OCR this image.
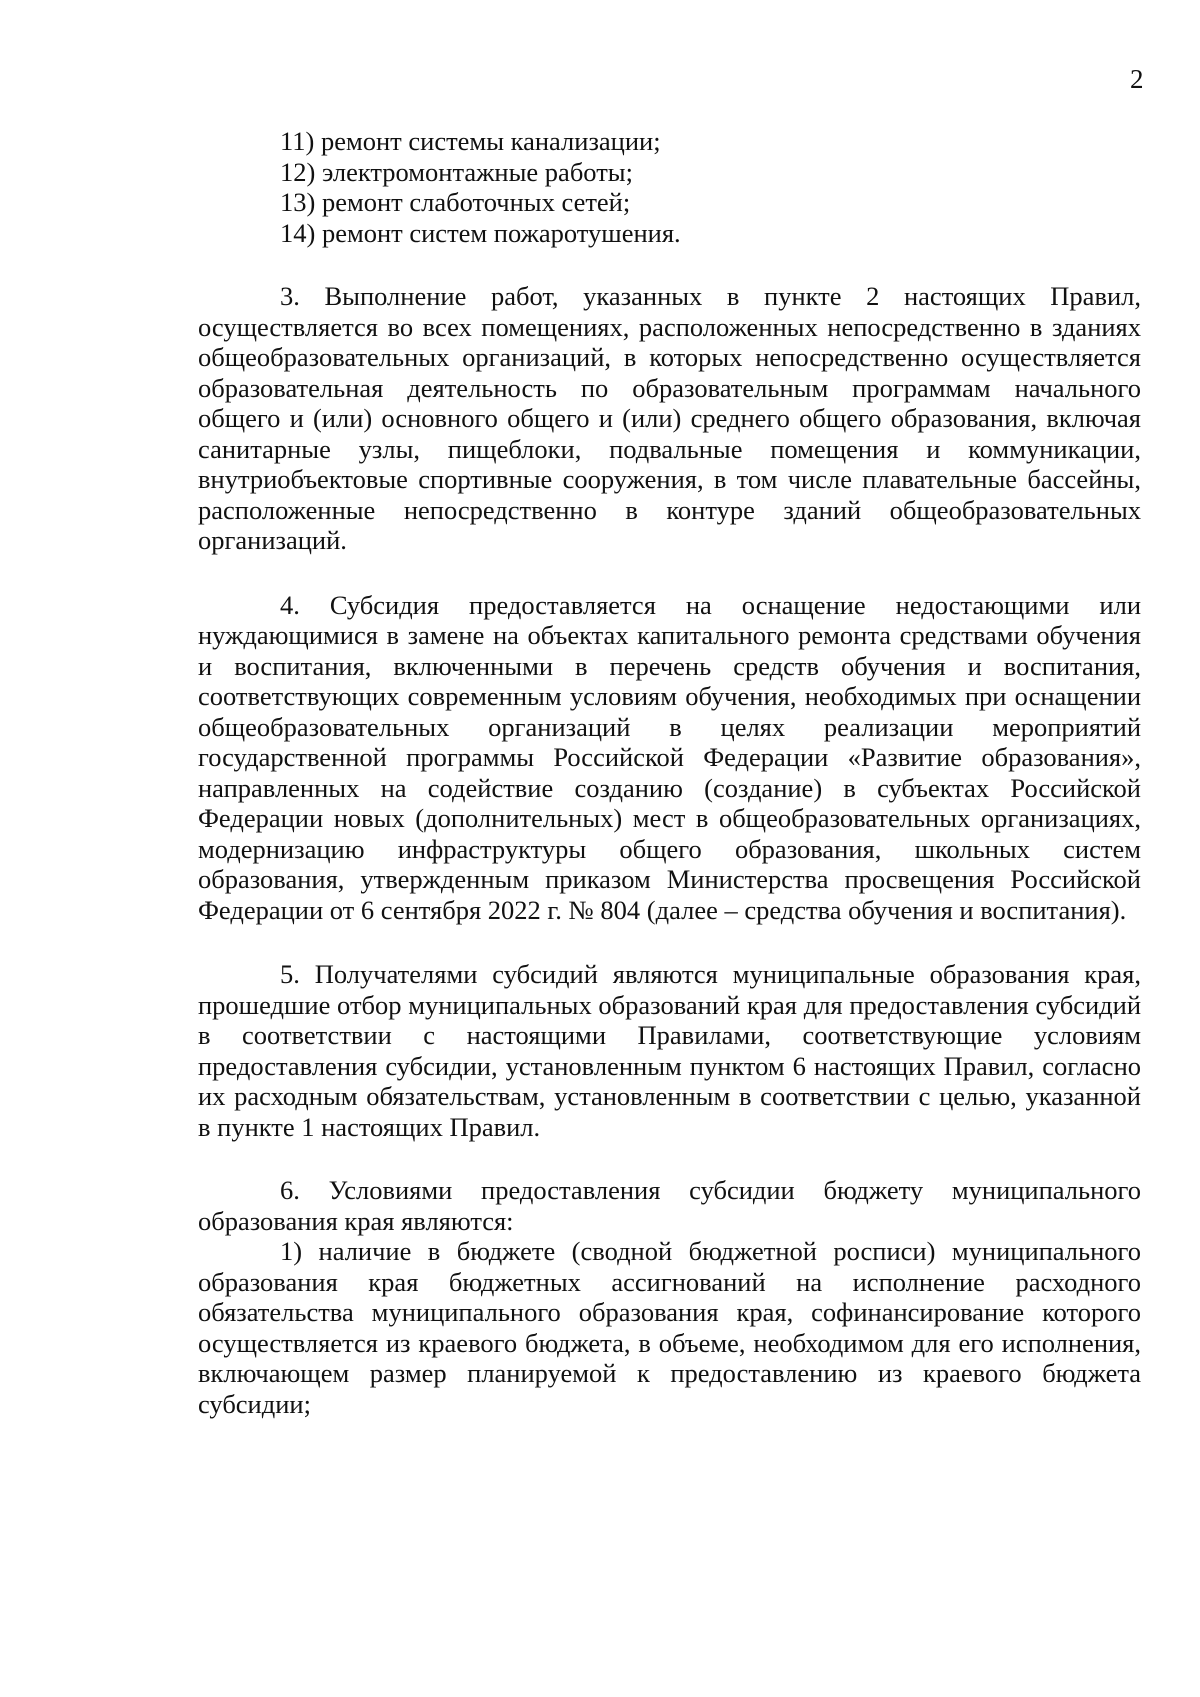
2
11) ремонт системы канализации;
12) электромонтажные работы;
13) ремонт слаботочных сетей;
14) ремонт систем пожаротушения.

3. Выполнение работ, указанных в пункте 2 настоящих Правил, осуществляется во всех помещениях, расположенных непосредственно в зданиях общеобразовательных организаций, в которых непосредственно осуществляется образовательная деятельность по образовательным программам начального общего и (или) основного общего и (или) среднего общего образования, включая санитарные узлы, пищеблоки, подвальные помещения и коммуникации, внутриобъектовые спортивные сооружения, в том числе плавательные бассейны, расположенные непосредственно в контуре зданий общеобразовательных организаций.

4. Субсидия предоставляется на оснащение недостающими или нуждающимися в замене на объектах капитального ремонта средствами обучения и воспитания, включенными в перечень средств обучения и воспитания, соответствующих современным условиям обучения, необходимых при оснащении общеобразовательных организаций в целях реализации мероприятий государственной программы Российской Федерации «Развитие образования», направленных на содействие созданию (создание) в субъектах Российской Федерации новых (дополнительных) мест в общеобразовательных организациях, модернизацию инфраструктуры общего образования, школьных систем образования, утвержденным приказом Министерства просвещения Российской Федерации от 6 сентября 2022 г. № 804 (далее – средства обучения и воспитания).

5. Получателями субсидий являются муниципальные образования края, прошедшие отбор муниципальных образований края для предоставления субсидий в соответствии с настоящими Правилами, соответствующие условиям предоставления субсидии, установленным пунктом 6 настоящих Правил, согласно их расходным обязательствам, установленным в соответствии с целью, указанной в пункте 1 настоящих Правил.

6. Условиями предоставления субсидии бюджету муниципального образования края являются:

1) наличие в бюджете (сводной бюджетной росписи) муниципального образования края бюджетных ассигнований на исполнение расходного обязательства муниципального образования края, софинансирование которого осуществляется из краевого бюджета, в объеме, необходимом для его исполнения, включающем размер планируемой к предоставлению из краевого бюджета субсидии;
